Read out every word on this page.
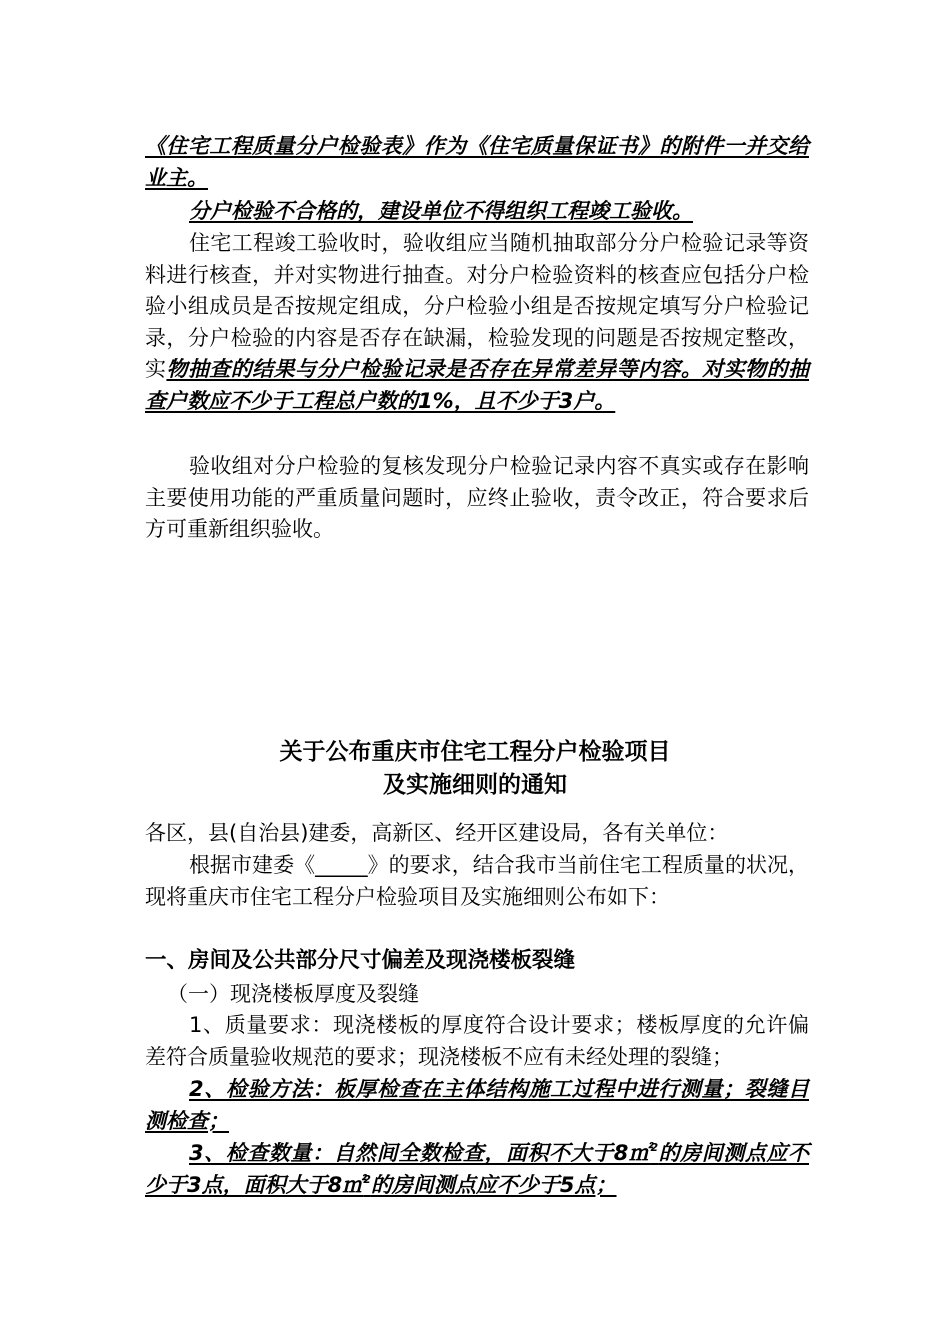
《住宅工程质量分户检验表》作为《住宅质量保证书》的附件一并交给业主。

分户检验不合格的，建设单位不得组织工程竣工验收。

住宅工程竣工验收时，验收组应当随机抽取部分分户检验记录等资料进行核查，并对实物进行抽查。对分户检验资料的核查应包括分户检验小组成员是否按规定组成，分户检验小组是否按规定填写分户检验记录，分户检验的内容是否存在缺漏，检验发现的问题是否按规定整改，实物抽查的结果与分户检验记录是否存在异常差异等内容。对实物的抽查户数应不少于工程总户数的1%，且不少于3户。

验收组对分户检验的复核发现分户检验记录内容不真实或存在影响主要使用功能的严重质量问题时，应终止验收，责令改正，符合要求后方可重新组织验收。

关于公布重庆市住宅工程分户检验项目

及实施细则的通知

各区，县(自治县)建委，高新区、经开区建设局，各有关单位：

根据市建委《_____》的要求，结合我市当前住宅工程质量的状况，现将重庆市住宅工程分户检验项目及实施细则公布如下：

一、房间及公共部分尺寸偏差及现浇楼板裂缝

（一）现浇楼板厚度及裂缝

1、质量要求：现浇楼板的厚度符合设计要求；楼板厚度的允许偏差符合质量验收规范的要求；现浇楼板不应有未经处理的裂缝；

2、检验方法：板厚检查在主体结构施工过程中进行测量；裂缝目测检查；

3、检查数量：自然间全数检查，面积不大于8㎡$^2$的房间测点应不少于3点，面积大于8㎡$^2$的房间测点应不少于5点；
